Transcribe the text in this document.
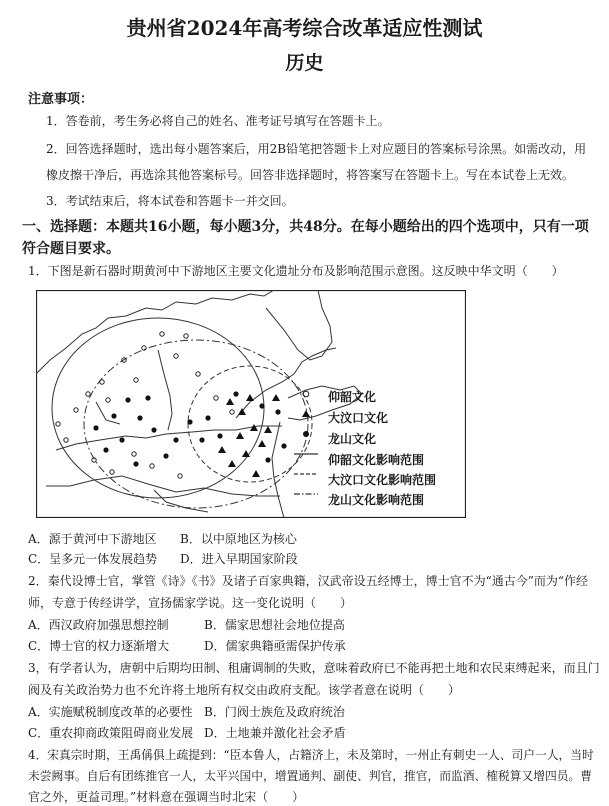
贵州省2024年高考综合改革适应性测试
历史
注意事项：
1．答卷前，考生务必将自己的姓名、准考证号填写在答题卡上。
2．回答选择题时，选出每小题答案后，用2B铅笔把答题卡上对应题目的答案标号涂黑。如需改动，用
橡皮擦干净后，再选涂其他答案标号。回答非选择题时，将答案写在答题卡上。写在本试卷上无效。
3．考试结束后，将本试卷和答题卡一并交回。
一、选择题：本题共16小题，每小题3分，共48分。在每小题给出的四个选项中，只有一项
符合题目要求。
1．下图是新石器时期黄河中下游地区主要文化遗址分布及影响范围示意图。这反映中华文明（　　）
仰韶文化
大汶口文化
龙山文化
仰韶文化影响范围
大汶口文化影响范围
龙山文化影响范围
A．源于黄河中下游地区 B．以中原地区为核心
C．呈多元一体发展趋势 D．进入早期国家阶段
2．秦代设博士官，掌管《诗》《书》及诸子百家典籍，汉武帝设五经博士，博士官不为“通古今”而为“作经
师，专意于传经讲学，宣扬儒家学说。这一变化说明（　　）
A．西汉政府加强思想控制	B．儒家思想社会地位提高
C．博士官的权力逐渐增大	D．儒家典籍亟需保护传承
3，有学者认为，唐朝中后期均田制、租庸调制的失败，意味着政府已不能再把土地和农民束缚起来，而且门
阀及有关政治势力也不允许将土地所有权交由政府支配。该学者意在说明（　　）
A．实施赋税制度改革的必要性 B．门阀士族危及政府统治
C．重农抑商政策阻碍商业发展 D．土地兼并激化社会矛盾
4．宋真宗时期，王禹偁俱上疏提到：“臣本鲁人，占籍济上，未及第时，一州止有刺史一人、司户一人，当时
未尝阙事。自后有团练推官一人，太平兴国中，增置通判、副使、判官，推官，而监酒、榷税算又增四员。曹
官之外，更益司理。”材料意在强调当时北宋（　　）
